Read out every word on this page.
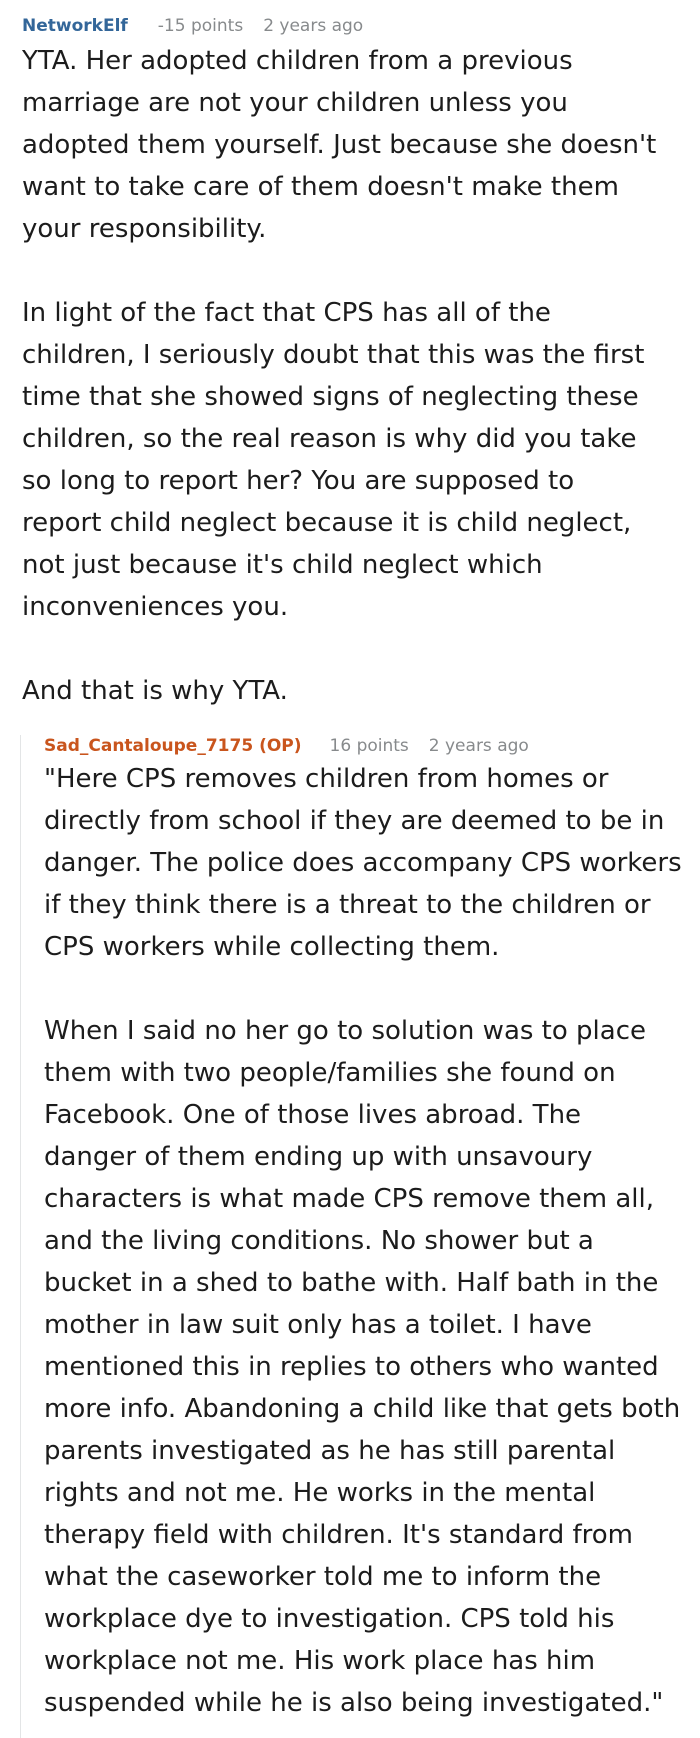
NetworkElf -15 points 2 years ago

YTA. Her adopted children from a previous
marriage are not your children unless you
adopted them yourself. Just because she doesn't
want to take care of them doesn't make them
your responsibility.

In light of the fact that CPS has all of the
children, I seriously doubt that this was the first
time that she showed signs of neglecting these
children, so the real reason is why did you take
so long to report her? You are supposed to
report child neglect because it is child neglect,
not just because it's child neglect which
inconveniences you.

And that is why YTA.

Sad_Cantaloupe_7175 (OP) 16 points 2 years ago

"Here CPS removes children from homes or
directly from school if they are deemed to be in
danger. The police does accompany CPS workers
if they think there is a threat to the children or
CPS workers while collecting them.

When I said no her go to solution was to place
them with two people/families she found on
Facebook. One of those lives abroad. The
danger of them ending up with unsavoury
characters is what made CPS remove them all,
and the living conditions. No shower but a
bucket in a shed to bathe with. Half bath in the
mother in law suit only has a toilet. I have
mentioned this in replies to others who wanted
more info. Abandoning a child like that gets both
parents investigated as he has still parental
rights and not me. He works in the mental
therapy field with children. It's standard from
what the caseworker told me to inform the
workplace dye to investigation. CPS told his
workplace not me. His work place has him
suspended while he is also being investigated."
